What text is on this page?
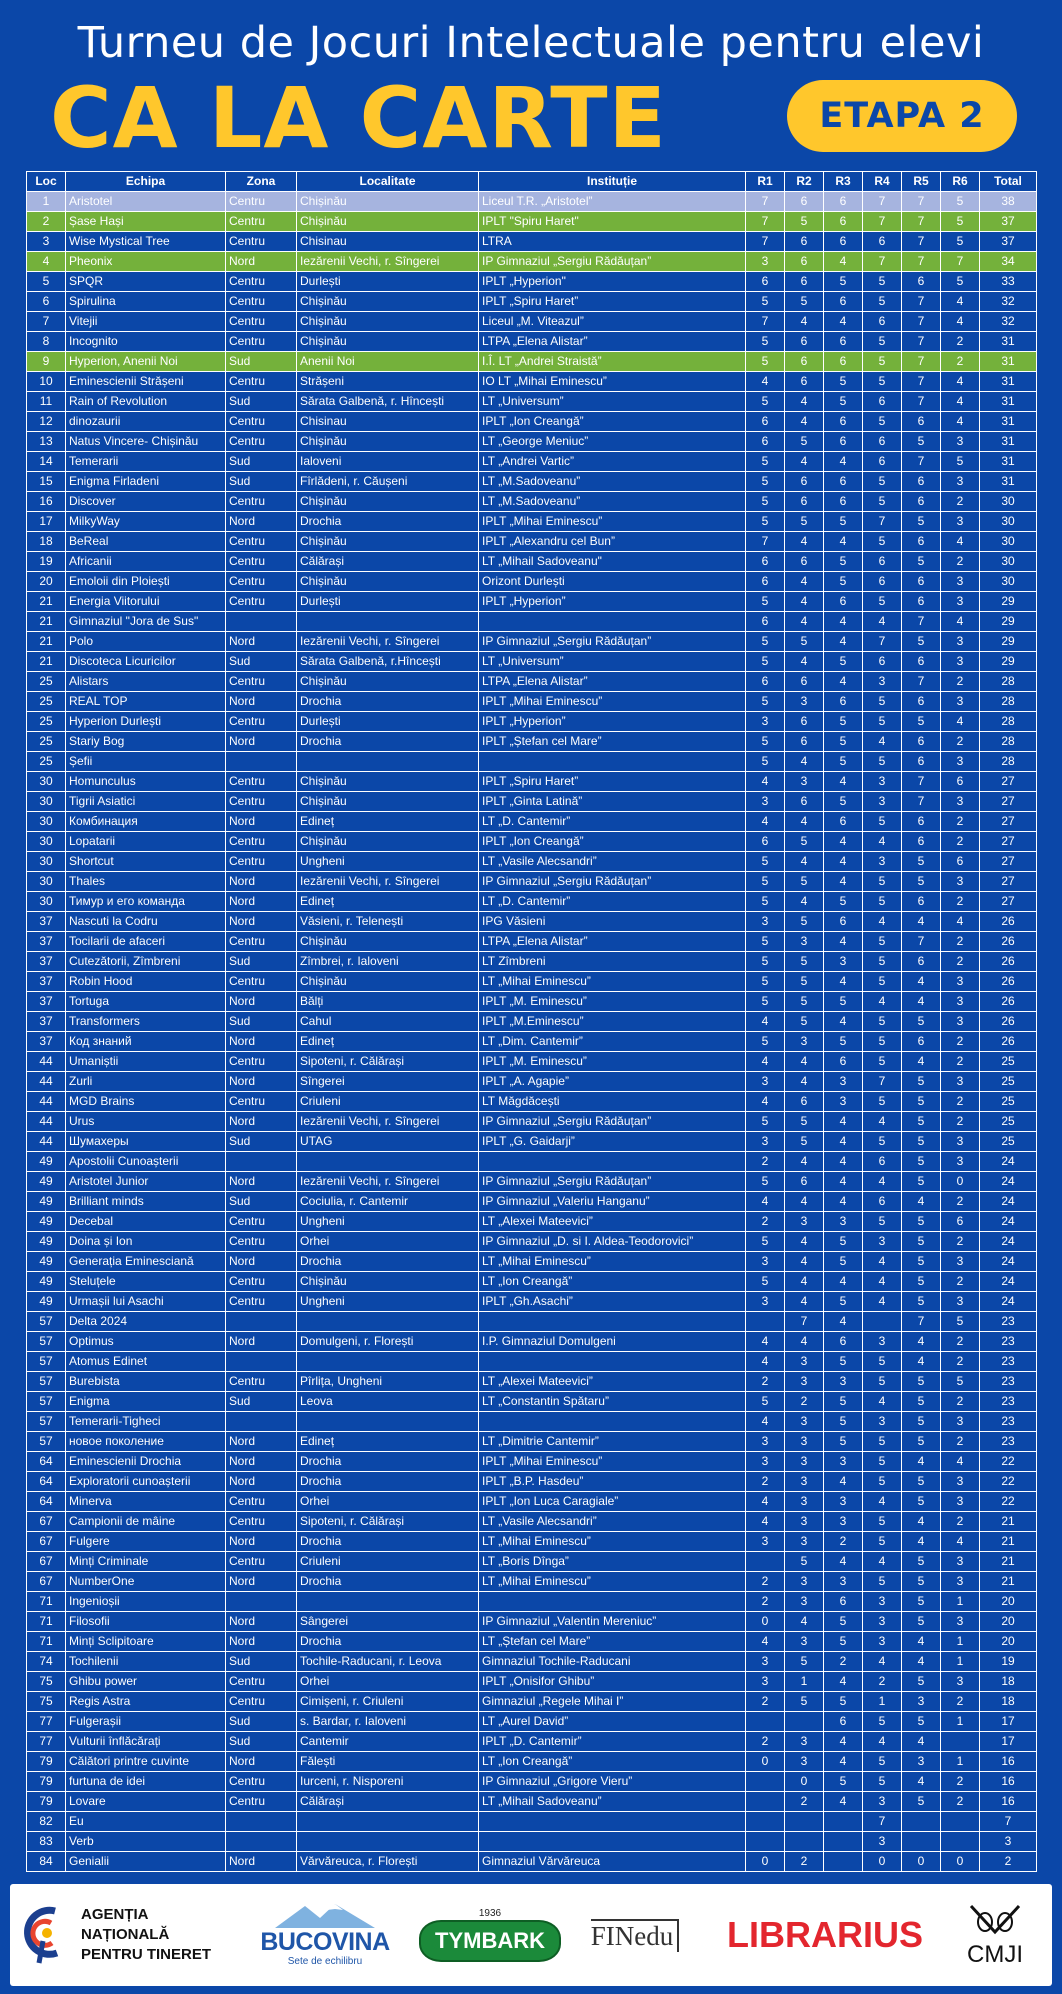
Turneu de Jocuri Intelectuale pentru elevi
CA LA CARTE	ETAPA 2
Loc	Echipa	Zona	Localitate	Instituție	R1	R2	R3	R4	R5	R6	Total
1	Aristotel	Centru	Chișinău	Liceul T.R. „Aristotel”	7	6	6	7	7	5	38
2	Șase Hași	Centru	Chișinău	IPLT "Spiru Haret"	7	5	6	7	7	5	37
3	Wise Mystical Tree	Centru	Chisinau	LTRA	7	6	6	6	7	5	37
4	Pheonix	Nord	Iezărenii Vechi, r. Sîngerei	IP Gimnaziul „Sergiu Rădăuțan”	3	6	4	7	7	7	34
5	SPQR	Centru	Durlești	IPLT „Hyperion"	6	6	5	5	6	5	33
6	Spirulina	Centru	Chișinău	IPLT „Spiru Haret”	5	5	6	5	7	4	32
7	Vitejii	Centru	Chișinău	Liceul „M. Viteazul”	7	4	4	6	7	4	32
8	Incognito	Centru	Chișinău	LTPA „Elena Alistar”	5	6	6	5	7	2	31
9	Hyperion, Anenii Noi	Sud	Anenii Noi	I.Î. LT „Andrei Straistă”	5	6	6	5	7	2	31
10	Eminescienii Strășeni	Centru	Strășeni	IO LT „Mihai Eminescu”	4	6	5	5	7	4	31
11	Rain of Revolution	Sud	Sărata Galbenă, r. Hîncești	LT „Universum”	5	4	5	6	7	4	31
12	dinozaurii	Centru	Chisinau	IPLT „Ion Creangă”	6	4	6	5	6	4	31
13	Natus Vincere- Chișinău	Centru	Chișinău	LT „George Meniuc”	6	5	6	6	5	3	31
14	Temerarii	Sud	Ialoveni	LT „Andrei Vartic”	5	4	4	6	7	5	31
15	Enigma Firladeni	Sud	Fîrlădeni, r. Căușeni	LT „M.Sadoveanu”	5	6	6	5	6	3	31
16	Discover	Centru	Chișinău	LT „M.Sadoveanu”	5	6	6	5	6	2	30
17	MilkyWay	Nord	Drochia	IPLT „Mihai Eminescu”	5	5	5	7	5	3	30
18	BeReal	Centru	Chișinău	IPLT „Alexandru cel Bun”	7	4	4	5	6	4	30
19	Africanii	Centru	Călărași	LT „Mihail Sadoveanu"	6	6	5	6	5	2	30
20	Emoloii din Ploiești	Centru	Chișinău	Orizont Durlești	6	4	5	6	6	3	30
21	Energia Viitorului	Centru	Durlești	IPLT „Hyperion”	5	4	6	5	6	3	29
21	Gimnaziul "Jora de Sus"				6	4	4	4	7	4	29
21	Polo	Nord	Iezărenii Vechi, r. Sîngerei	IP Gimnaziul „Sergiu Rădăuțan”	5	5	4	7	5	3	29
21	Discoteca Licuricilor	Sud	Sărata Galbenă, r.Hîncești	LT „Universum”	5	4	5	6	6	3	29
25	Alistars	Centru	Chișinău	LTPA „Elena Alistar”	6	6	4	3	7	2	28
25	REAL TOP	Nord	Drochia	IPLT „Mihai Eminescu”	5	3	6	5	6	3	28
25	Hyperion Durlești	Centru	Durlești	IPLT „Hyperion”	3	6	5	5	5	4	28
25	Stariy Bog	Nord	Drochia	IPLT „Ștefan cel Mare”	5	6	5	4	6	2	28
25	Șefii				5	4	5	5	6	3	28
30	Homunculus	Centru	Chișinău	IPLT „Spiru Haret”	4	3	4	3	7	6	27
30	Tigrii Asiatici	Centru	Chișinău	IPLT „Ginta Latină”	3	6	5	3	7	3	27
30	Комбинация	Nord	Edineț	LT „D. Cantemir”	4	4	6	5	6	2	27
30	Lopatarii	Centru	Chișinău	IPLT „Ion Creangă”	6	5	4	4	6	2	27
30	Shortcut	Centru	Ungheni	LT „Vasile Alecsandri”	5	4	4	3	5	6	27
30	Thales	Nord	Iezărenii Vechi, r. Sîngerei	IP Gimnaziul „Sergiu Rădăuțan”	5	5	4	5	5	3	27
30	Тимур и его команда	Nord	Edineț	LT „D. Cantemir”	5	4	5	5	6	2	27
37	Nascuti la Codru	Nord	Văsieni, r. Telenești	IPG Văsieni	3	5	6	4	4	4	26
37	Tocilarii de afaceri	Centru	Chișinău	LTPA „Elena Alistar”	5	3	4	5	7	2	26
37	Cutezătorii, Zîmbreni	Sud	Zîmbrei, r. Ialoveni	LT Zîmbreni	5	5	3	5	6	2	26
37	Robin Hood	Centru	Chișinău	LT „Mihai Eminescu”	5	5	4	5	4	3	26
37	Tortuga	Nord	Bălți	IPLT „M. Eminescu”	5	5	5	4	4	3	26
37	Transformers	Sud	Cahul	IPLT „M.Eminescu”	4	5	4	5	5	3	26
37	Код знаний	Nord	Edineț	LT „Dim. Cantemir”	5	3	5	5	6	2	26
44	Umaniștii	Centru	Sipoteni, r. Călărași	IPLT „M. Eminescu”	4	4	6	5	4	2	25
44	Zurli	Nord	Sîngerei	IPLT „A. Agapie”	3	4	3	7	5	3	25
44	MGD Brains	Centru	Criuleni	LT Măgdăcești	4	6	3	5	5	2	25
44	Urus	Nord	Iezărenii Vechi, r. Sîngerei	IP Gimnaziul „Sergiu Rădăuțan”	5	5	4	4	5	2	25
44	Шумахеры	Sud	UTAG	IPLT „G. Gaidarji”	3	5	4	5	5	3	25
49	Apostolii Cunoașterii				2	4	4	6	5	3	24
49	Aristotel Junior	Nord	Iezărenii Vechi, r. Sîngerei	IP Gimnaziul „Sergiu Rădăuțan”	5	6	4	4	5	0	24
49	Brilliant minds	Sud	Cociulia, r. Cantemir	IP Gimnaziul „Valeriu Hanganu”	4	4	4	6	4	2	24
49	Decebal	Centru	Ungheni	LT „Alexei Mateevici”	2	3	3	5	5	6	24
49	Doina și Ion	Centru	Orhei	IP Gimnaziul „D. si I. Aldea-Teodorovici”	5	4	5	3	5	2	24
49	Generația Eminesciană	Nord	Drochia	LT „Mihai Eminescu”	3	4	5	4	5	3	24
49	Steluțele	Centru	Chișinău	LT „Ion Creangă”	5	4	4	4	5	2	24
49	Urmașii lui Asachi	Centru	Ungheni	IPLT „Gh.Asachi”	3	4	5	4	5	3	24
57	Delta 2024					7	4		7	5	23
57	Optimus	Nord	Domulgeni, r. Florești	I.P. Gimnaziul Domulgeni	4	4	6	3	4	2	23
57	Atomus Edinet				4	3	5	5	4	2	23
57	Burebista	Centru	Pîrlița, Ungheni	LT „Alexei Mateevici”	2	3	3	5	5	5	23
57	Enigma	Sud	Leova	LT „Constantin Spătaru”	5	2	5	4	5	2	23
57	Temerarii-Tigheci				4	3	5	3	5	3	23
57	новое поколение	Nord	Edineț	LT „Dimitrie Cantemir”	3	3	5	5	5	2	23
64	Eminescienii Drochia	Nord	Drochia	IPLT „Mihai Eminescu”	3	3	3	5	4	4	22
64	Exploratorii cunoașterii	Nord	Drochia	IPLT „B.P. Hasdeu”	2	3	4	5	5	3	22
64	Minerva	Centru	Orhei	IPLT „Ion Luca Caragiale”	4	3	3	4	5	3	22
67	Campionii de mâine	Centru	Sipoteni, r. Călărași	LT „Vasile Alecsandri”	4	3	3	5	4	2	21
67	Fulgere	Nord	Drochia	LT „Mihai Eminescu”	3	3	2	5	4	4	21
67	Minți Criminale	Centru	Criuleni	LT „Boris Dînga”		5	4	4	5	3	21
67	NumberOne	Nord	Drochia	LT „Mihai Eminescu”	2	3	3	5	5	3	21
71	Ingenioșii				2	3	6	3	5	1	20
71	Filosofii	Nord	Sângerei	IP Gimnaziul „Valentin Mereniuc”	0	4	5	3	5	3	20
71	Minți Sclipitoare	Nord	Drochia	LT „Ștefan cel Mare”	4	3	5	3	4	1	20
74	Tochilenii	Sud	Tochile-Raducani, r. Leova	Gimnaziul Tochile-Raducani	3	5	2	4	4	1	19
75	Ghibu power	Centru	Orhei	IPLT „Onisifor Ghibu”	3	1	4	2	5	3	18
75	Regis Astra	Centru	Cimișeni, r. Criuleni	Gimnaziul „Regele Mihai I”	2	5	5	1	3	2	18
77	Fulgerașii	Sud	s. Bardar, r. Ialoveni	LT „Aurel David”			6	5	5	1	17
77	Vulturii înflăcărați	Sud	Cantemir	IPLT „D. Cantemir”	2	3	4	4	4		17
79	Călători printre cuvinte	Nord	Fălești	LT „Ion Creangă”	0	3	4	5	3	1	16
79	furtuna de idei	Centru	Iurceni, r. Nisporeni	IP Gimnaziul „Grigore Vieru”		0	5	5	4	2	16
79	Lovare	Centru	Călărași	LT „Mihail Sadoveanu”		2	4	3	5	2	16
82	Eu							7			7
83	Verb							3			3
84	Genialii	Nord	Vărvăreuca, r. Florești	Gimnaziul Vărvăreuca	0	2		0	0	0	2
AGENȚIA
NAȚIONALĂ
PENTRU TINERET BUCOVINA
Sete de echilibru
1936
TYMBARK	FINedu LIBRARIUS CMJI
